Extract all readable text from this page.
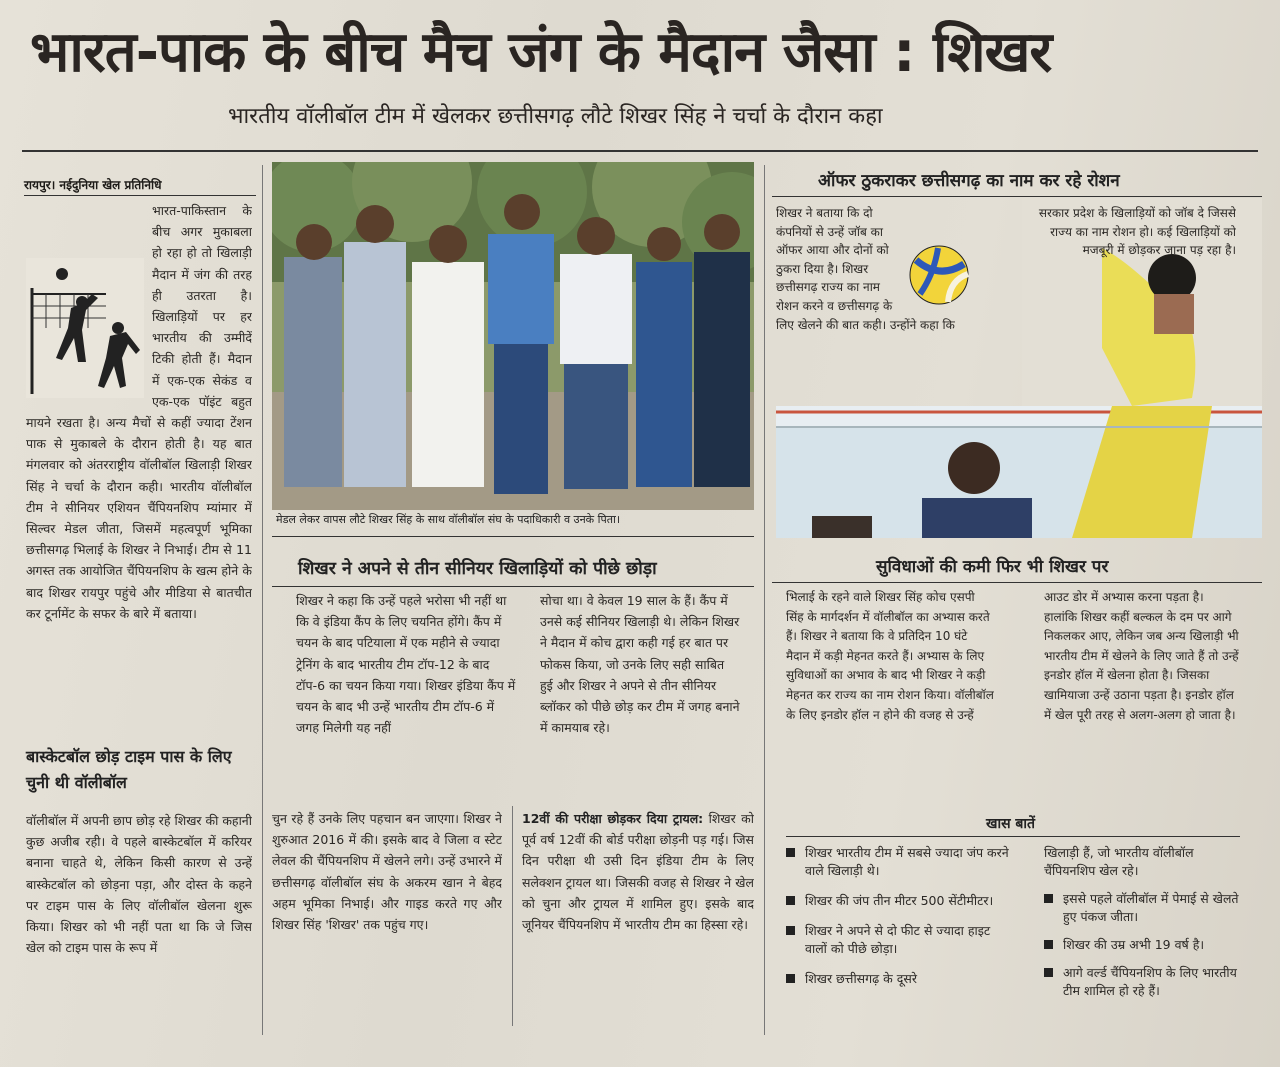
भारत-पाक के बीच मैच जंग के मैदान जैसा : शिखर
भारतीय वॉलीबॉल टीम में खेलकर छत्तीसगढ़ लौटे शिखर सिंह ने चर्चा के दौरान कहा
रायपुर। नईदुनिया खेल प्रतिनिधि
भारत-पाकिस्तान के बीच अगर मुकाबला हो रहा हो तो खिलाड़ी मैदान में जंग की तरह ही उतरता है। खिलाड़ियों पर हर भारतीय की उम्मीदें टिकी होती हैं। मैदान में एक-एक सेकंड व एक-एक पॉइंट बहुत मायने रखता है। अन्य मैचों से कहीं ज्यादा टेंशन पाक से मुकाबले के दौरान होती है। यह बात मंगलवार को अंतरराष्ट्रीय वॉलीबॉल खिलाड़ी शिखर सिंह ने चर्चा के दौरान कही। भारतीय वॉलीबॉल टीम ने सीनियर एशियन चैंपियनशिप म्यांमार में सिल्वर मेडल जीता, जिसमें महत्वपूर्ण भूमिका छत्तीसगढ़ भिलाई के शिखर ने निभाई। टीम से 11 अगस्त तक आयोजित चैंपियनशिप के खत्म होने के बाद शिखर रायपुर पहुंचे और मीडिया से बातचीत कर टूर्नामेंट के सफर के बारे में बताया।
बास्केटबॉल छोड़ टाइम पास के लिए चुनी थी वॉलीबॉल
वॉलीबॉल में अपनी छाप छोड़ रहे शिखर की कहानी कुछ अजीब रही। वे पहले बास्केटबॉल में करियर बनाना चाहते थे, लेकिन किसी कारण से उन्हें बास्केटबॉल को छोड़ना पड़ा, और दोस्त के कहने पर टाइम पास के लिए वॉलीबॉल खेलना शुरू किया। शिखर को भी नहीं पता था कि जे जिस खेल को टाइम पास के रूप में
मेडल लेकर वापस लौटे शिखर सिंह के साथ वॉलीबॉल संघ के पदाधिकारी व उनके पिता।
शिखर ने अपने से तीन सीनियर खिलाड़ियों को पीछे छोड़ा
शिखर ने कहा कि उन्हें पहले भरोसा भी नहीं था कि वे इंडिया कैंप के लिए चयनित होंगे। कैंप में चयन के बाद पटियाला में एक महीने से ज्यादा ट्रेनिंग के बाद भारतीय टीम टॉप-12 के बाद टॉप-6 का चयन किया गया। शिखर इंडिया कैंप में चयन के बाद भी उन्हें भारतीय टीम टॉप-6 में जगह मिलेगी यह नहीं
सोचा था। वे केवल 19 साल के हैं। कैंप में उनसे कई सीनियर खिलाड़ी थे। लेकिन शिखर ने मैदान में कोच द्वारा कही गई हर बात पर फोकस किया, जो उनके लिए सही साबित हुई और शिखर ने अपने से तीन सीनियर ब्लॉकर को पीछे छोड़ कर टीम में जगह बनाने में कामयाब रहे।
चुन रहे हैं उनके लिए पहचान बन जाएगा। शिखर ने शुरुआत 2016 में की। इसके बाद वे जिला व स्टेट लेवल की चैंपियनशिप में खेलने लगे। उन्हें उभारने में छत्तीसगढ़ वॉलीबॉल संघ के अकरम खान ने बेहद अहम भूमिका निभाई। और गाइड करते गए और शिखर सिंह 'शिखर' तक पहुंच गए।
12वीं की परीक्षा छोड़कर दिया ट्रायल: शिखर को पूर्व वर्ष 12वीं की बोर्ड परीक्षा छोड़नी पड़ गई। जिस दिन परीक्षा थी उसी दिन इंडिया टीम के लिए सलेक्शन ट्रायल था। जिसकी वजह से शिखर ने खेल को चुना और ट्रायल में शामिल हुए। इसके बाद जूनियर चैंपियनशिप में भारतीय टीम का हिस्सा रहे।
ऑफर ठुकराकर छत्तीसगढ़ का नाम कर रहे रोशन
शिखर ने बताया कि दो कंपनियों से उन्हें जॉब का ऑफर आया और दोनों को ठुकरा दिया है। शिखर छत्तीसगढ़ राज्य का नाम रोशन करने व छत्तीसगढ़ के लिए खेलने की बात कही। उन्होंने कहा कि
सरकार प्रदेश के खिलाड़ियों को जॉब दे जिससे राज्य का नाम रोशन हो। कई खिलाड़ियों को मजबूरी में छोड़कर जाना पड़ रहा है।
सुविधाओं की कमी फिर भी शिखर पर
भिलाई के रहने वाले शिखर सिंह कोच एसपी सिंह के मार्गदर्शन में वॉलीबॉल का अभ्यास करते हैं। शिखर ने बताया कि वे प्रतिदिन 10 घंटे मैदान में कड़ी मेहनत करते हैं। अभ्यास के लिए सुविधाओं का अभाव के बाद भी शिखर ने कड़ी मेहनत कर राज्य का नाम रोशन किया। वॉलीबॉल के लिए इनडोर हॉल न होने की वजह से उन्हें
आउट डोर में अभ्यास करना पड़ता है। हालांकि शिखर कहीं बल्कल के दम पर आगे निकलकर आए, लेकिन जब अन्य खिलाड़ी भी भारतीय टीम में खेलने के लिए जाते हैं तो उन्हें इनडोर हॉल में खेलना होता है। जिसका खामियाजा उन्हें उठाना पड़ता है। इनडोर हॉल में खेल पूरी तरह से अलग-अलग हो जाता है।
खास बातें
शिखर भारतीय टीम में सबसे ज्यादा जंप करने वाले खिलाड़ी थे।
शिखर की जंप तीन मीटर 500 सेंटीमीटर।
शिखर ने अपने से दो फीट से ज्यादा हाइट वालों को पीछे छोड़ा।
शिखर छत्तीसगढ़ के दूसरे
खिलाड़ी हैं, जो भारतीय वॉलीबॉल चैंपियनशिप खेल रहे।
इससे पहले वॉलीबॉल में पेमाई से खेलते हुए पंकज जीता।
शिखर की उम्र अभी 19 वर्ष है।
आगे वर्ल्ड चैंपियनशिप के लिए भारतीय टीम शामिल हो रहे हैं।
